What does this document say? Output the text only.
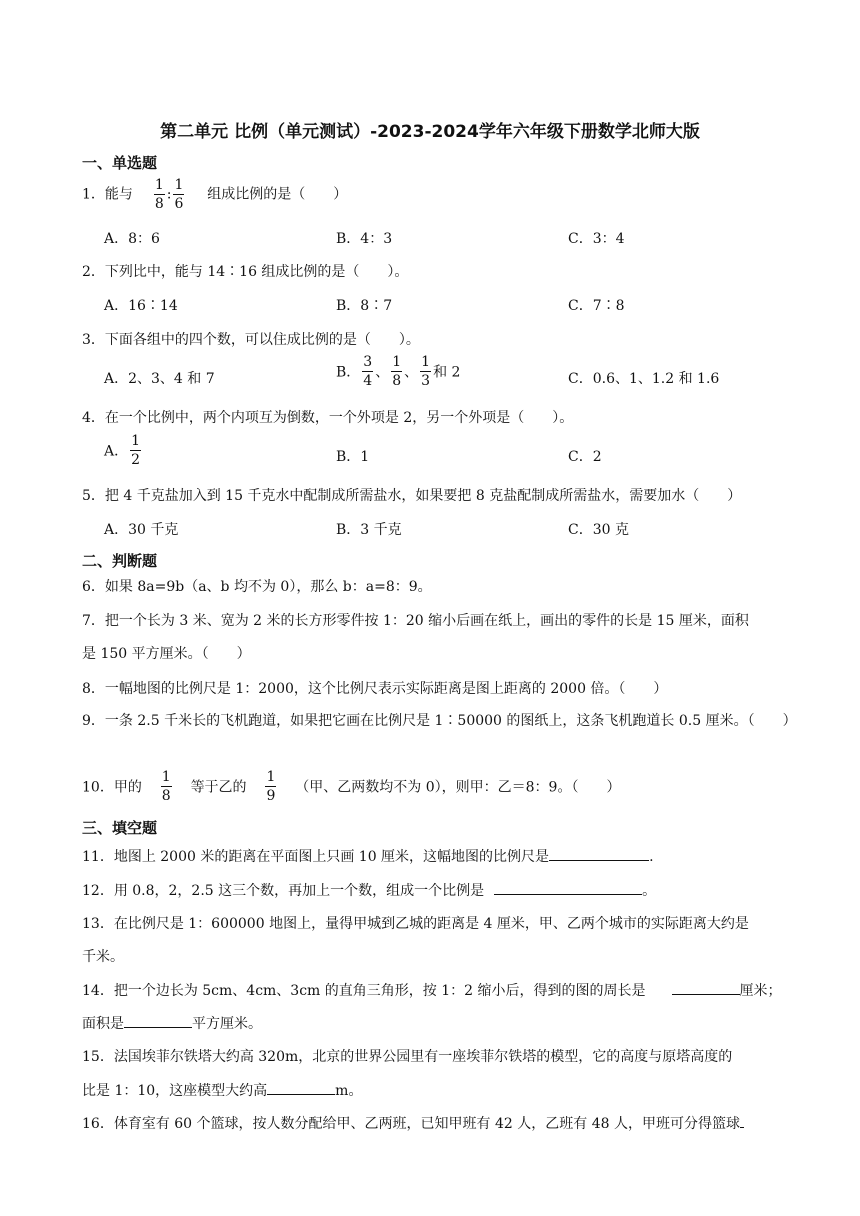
第二单元 比例（单元测试）-2023-2024学年六年级下册数学北师大版
一、单选题
1．能与 $\frac{1}{8}$ : $\frac{1}{6}$ 组成比例的是（　　）
A．8：6	B．4：3	C．3：4
2．下列比中，能与 14∶16 组成比例的是（　　）。
A．16∶14	B．8∶7	C．7∶8
3．下面各组中的四个数，可以住成比例的是（　　）。
A．2、3、4 和 7	B． $\frac{3}{4}$ 、 $\frac{1}{8}$ 、 $\frac{1}{3}$ 和 2	C．0.6、1、1.2 和 1.6
4．在一个比例中，两个内项互为倒数，一个外项是 2，另一个外项是（　　）。
A． $\frac{1}{2}$	B．1	C．2
5．把 4 千克盐加入到 15 千克水中配制成所需盐水，如果要把 8 克盐配制成所需盐水，需要加水（　　）
A．30 千克	B．3 千克	C．30 克
二、判断题
6．如果 8a=9b（a、b 均不为 0），那么 b：a=8：9。
7．把一个长为 3 米、宽为 2 米的长方形零件按 1：20 缩小后画在纸上，画出的零件的长是 15 厘米，面积
是 150 平方厘米。（　　）
8．一幅地图的比例尺是 1：2000，这个比例尺表示实际距离是图上距离的 2000 倍。（　　）
9．一条 2.5 千米长的飞机跑道，如果把它画在比例尺是 1∶50000 的图纸上，这条飞机跑道长 0.5 厘米。（　　）
10．甲的 $\frac{1}{8}$ 等于乙的 $\frac{1}{9}$ （甲、乙两数均不为 0），则甲：乙＝8：9。（　　）
三、填空题
11．地图上 2000 米的距离在平面图上只画 10 厘米，这幅地图的比例尺是	.
12．用 0.8，2，2.5 这三个数，再加上一个数，组成一个比例是	。
13．在比例尺是 1：600000 地图上，量得甲城到乙城的距离是 4 厘米，甲、乙两个城市的实际距离大约是
千米。
14．把一个边长为 5cm、4cm、3cm 的直角三角形，按 1：2 缩小后，得到的图的周长是	厘米；
面积是	平方厘米。
15．法国埃菲尔铁塔大约高 320m，北京的世界公园里有一座埃菲尔铁塔的模型，它的高度与原塔高度的
比是 1：10，这座模型大约高	m。
16．体育室有 60 个篮球，按人数分配给甲、乙两班，已知甲班有 42 人，乙班有 48 人，甲班可分得篮球
